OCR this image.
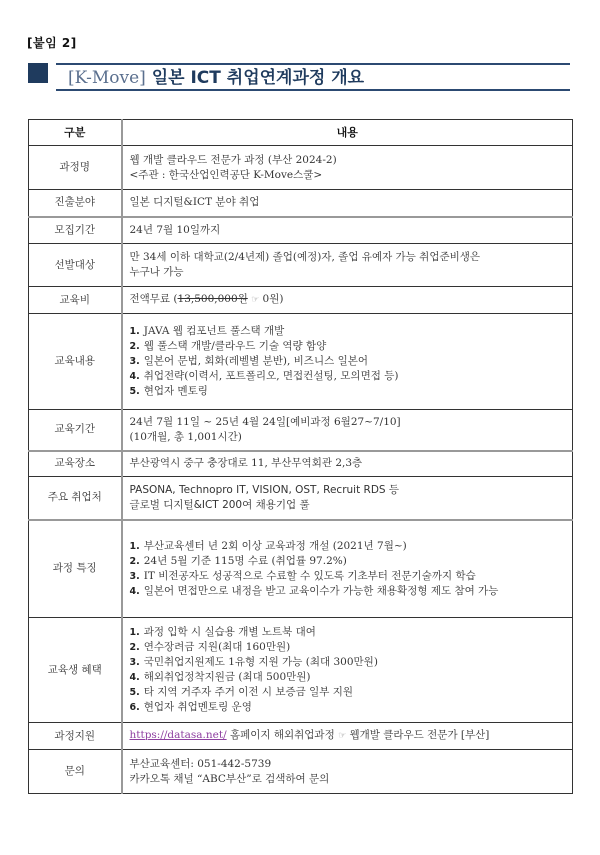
[붙임 2]
[K-Move] 일본 ICT 취업연계과정 개요
구분	내용
과정명	웹 개발 클라우드 전문가 과정 (부산 2024-2)
<주관 : 한국산업인력공단 K-Move스쿨>

진출분야	일본 디지털&ICT 분야 취업
모집기간	24년 7월 10일까지
선발대상	만 34세 이하 대학교(2/4년제) 졸업(예정)자, 졸업 유예자 가능 취업준비생은
누구나 가능

교육비	전액무료 (13,500,000원 ☞ 0원)
교육내용	
1. JAVA 웹 컴포넌트 풀스택 개발
2. 웹 풀스택 개발/클라우드 기술 역량 함양
3. 일본어 문법, 회화(레벨별 분반), 비즈니스 일본어
4. 취업전략(이력서, 포트폴리오, 면접컨설팅, 모의면접 등)
5. 현업자 멘토링

교육기간	24년 7월 11일 ~ 25년 4월 24일[예비과정 6월27~7/10]
(10개월, 총 1,001시간)

교육장소	부산광역시 중구 충장대로 11, 부산무역회관 2,3층
주요 취업처	PASONA, Technopro IT, VISION, OST, Recruit RDS 등
글로벌 디지털&ICT 200여 채용기업 풀

과정 특징	
1. 부산교육센터 년 2회 이상 교육과정 개설 (2021년 7월~)
2. 24년 5월 기준 115명 수료 (취업률 97.2%)
3. IT 비전공자도 성공적으로 수료할 수 있도록 기초부터 전문기술까지 학습
4. 일본어 면접만으로 내정을 받고 교육이수가 가능한 채용확정형 제도 참여 가능

교육생 혜택	
1. 과정 입학 시 실습용 개별 노트북 대여
2. 연수장려금 지원(최대 160만원)
3. 국민취업지원제도 1유형 지원 가능 (최대 300만원)
4. 해외취업정착지원금 (최대 500만원)
5. 타 지역 거주자 주거 이전 시 보증금 일부 지원
6. 현업자 취업멘토링 운영

과정지원	https://datasa.net/ 홈페이지 해외취업과정 ☞ 웹개발 클라우드 전문가 [부산]
문의	부산교육센터: 051-442-5739
카카오톡 채널 “ABC부산”로 검색하여 문의
